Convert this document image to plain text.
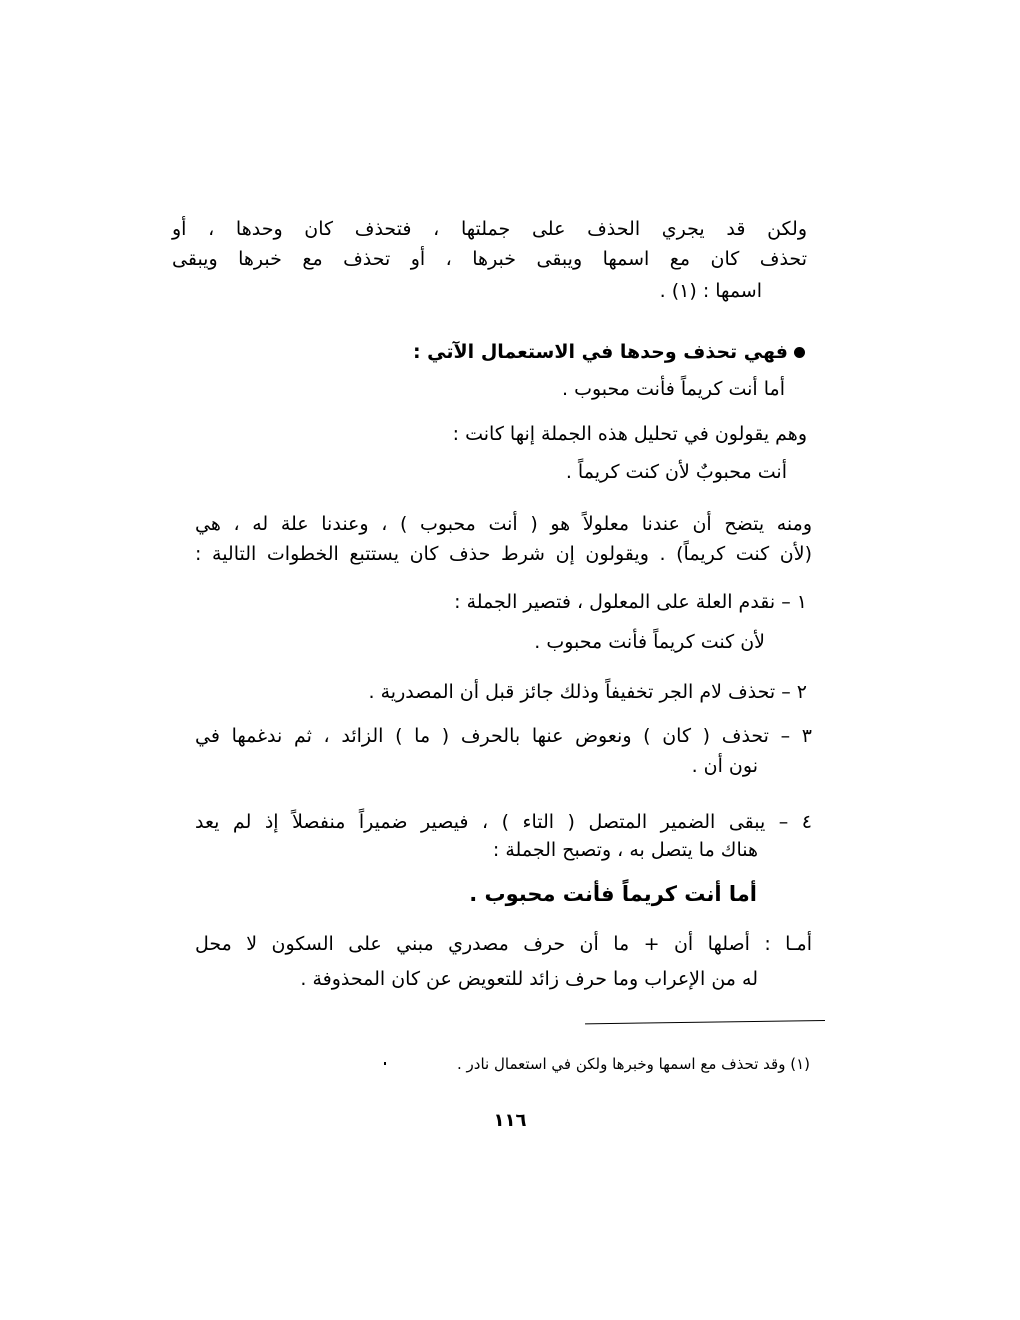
ولكن قد يجري الحذف على جملتها ، فتحذف كان وحدها ، أو
تحذف كان مع اسمها ويبقى خبرها ، أو تحذف مع خبرها ويبقى
اسمها : (١) .
فهي تحذف وحدها في الاستعمال الآتي :
أما أنت كريماً فأنت محبوب .
وهم يقولون في تحليل هذه الجملة إنها كانت :
أنت محبوبٌ لأن كنت كريماً .
ومنه يتضح أن عندنا معلولاً هو ( أنت محبوب ) ، وعندنا علة له ، هي
(لأن كنت كريماً) . ويقولون إن شرط حذف كان يستتبع الخطوات التالية :
١ – نقدم العلة على المعلول ، فتصير الجملة :
لأن كنت كريماً فأنت محبوب .
٢ – تحذف لام الجر تخفيفاً وذلك جائز قبل أن المصدرية .
٣ – تحذف ( كان ) ونعوض عنها بالحرف ( ما ) الزائد ، ثم ندغمها في
نون أن .
٤ – يبقى الضمير المتصل ( التاء ) ، فيصير ضميراً منفصلاً إذ لم يعد
هناك ما يتصل به ، وتصبح الجملة :
أما أنت كريماً فأنت محبوب .
أمـا : أصلها أن + ما أن حرف مصدري مبني على السكون لا محل
له من الإعراب وما حرف زائد للتعويض عن كان المحذوفة .
(١) وقد تحذف مع اسمها وخبرها ولكن في استعمال نادر .
١١٦
